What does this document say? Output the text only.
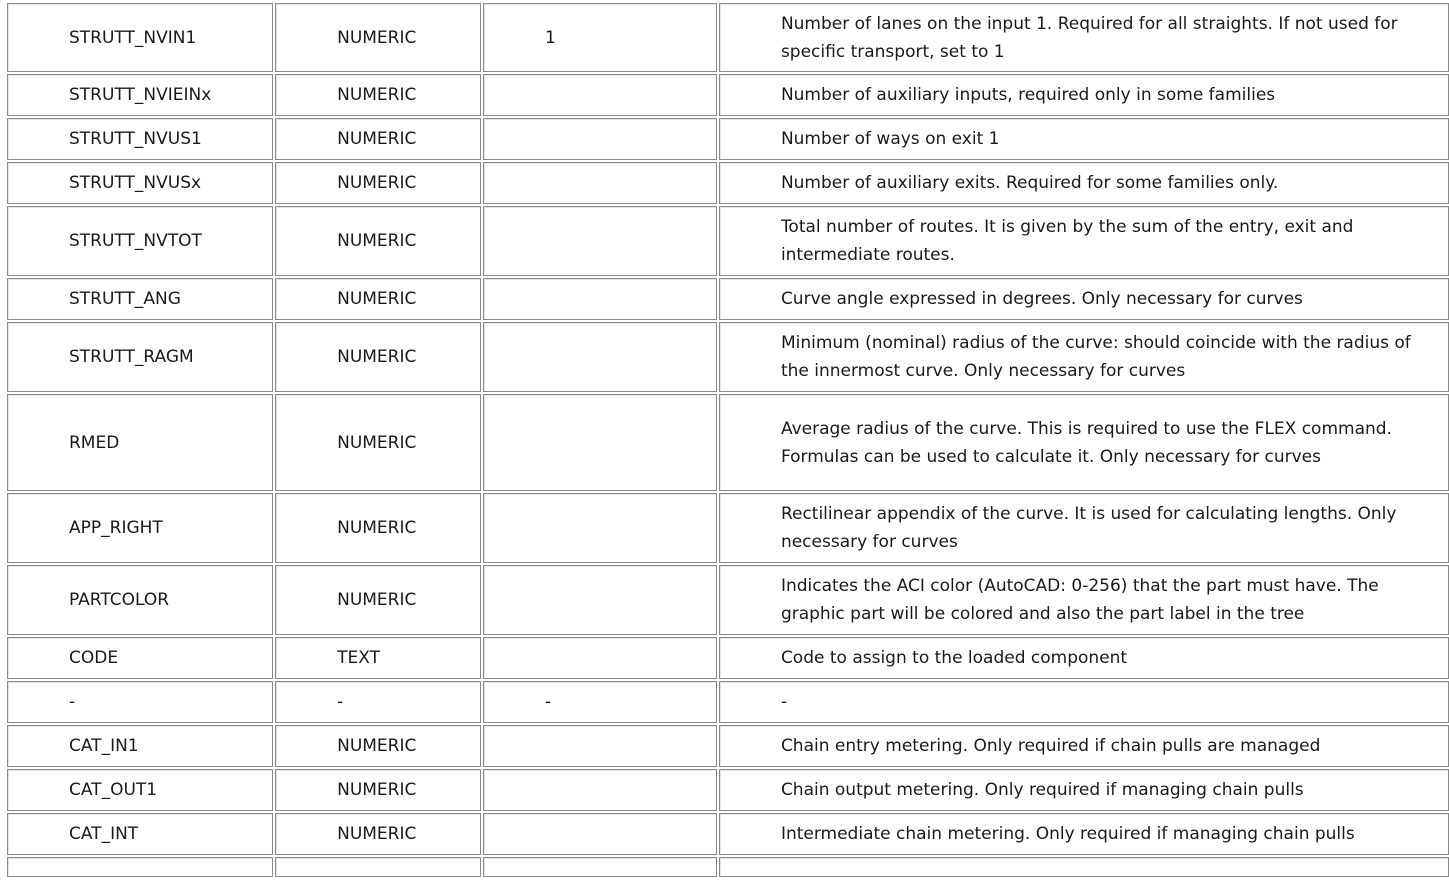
STRUTT_NVIN1	NUMERIC	1	Number of lanes on the input 1. Required for all straights. If not used for specific transport, set to 1
STRUTT_NVIEINx	NUMERIC		Number of auxiliary inputs, required only in some families
STRUTT_NVUS1	NUMERIC		Number of ways on exit 1
STRUTT_NVUSx	NUMERIC		Number of auxiliary exits. Required for some families only.
STRUTT_NVTOT	NUMERIC		Total number of routes. It is given by the sum of the entry, exit and intermediate routes.
STRUTT_ANG	NUMERIC		Curve angle expressed in degrees. Only necessary for curves
STRUTT_RAGM	NUMERIC		Minimum (nominal) radius of the curve: should coincide with the radius of the innermost curve. Only necessary for curves
RMED	NUMERIC		Average radius of the curve. This is required to use the FLEX command. Formulas can be used to calculate it. Only necessary for curves
APP_RIGHT	NUMERIC		Rectilinear appendix of the curve. It is used for calculating lengths. Only necessary for curves
PARTCOLOR	NUMERIC		Indicates the ACI color (AutoCAD: 0-256) that the part must have. The graphic part will be colored and also the part label in the tree
CODE	TEXT		Code to assign to the loaded component
-	-	-	-
CAT_IN1	NUMERIC		Chain entry metering. Only required if chain pulls are managed
CAT_OUT1	NUMERIC		Chain output metering. Only required if managing chain pulls
CAT_INT	NUMERIC		Intermediate chain metering. Only required if managing chain pulls
